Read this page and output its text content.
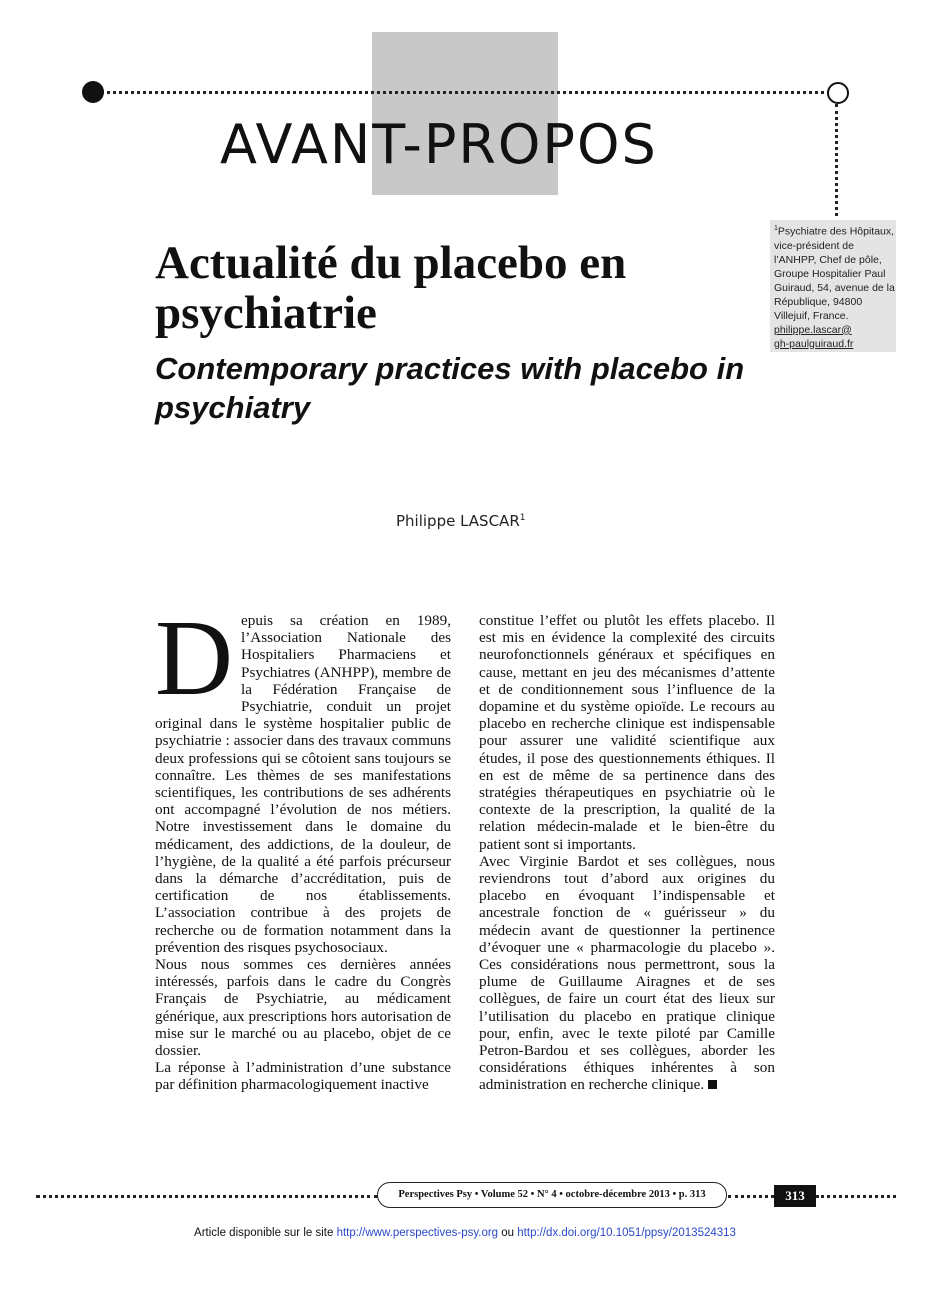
AVANT-PROPOS
$^1$Psychiatre des Hôpitaux, vice-président de l’ANHPP, Chef de pôle, Groupe Hospitalier Paul Guiraud, 54, avenue de la République, 94800 Villejuif, France.
philippe.lascar@
gh-paulguiraud.fr
Actualité du placebo en psychiatrie
Contemporary practices with placebo in psychiatry
Philippe LASCAR$^1$

Depuis sa création en 1989, l’Association Nationale des Hospitaliers Pharmaciens et Psychiatres (ANHPP), membre de la Fédération Française de Psychiatrie, conduit un projet original dans le système hospitalier public de psychiatrie : associer dans des travaux communs deux professions qui se côtoient sans toujours se connaître. Les thèmes de ses manifestations scientifiques, les contributions de ses adhérents ont accompagné l’évolution de nos métiers. Notre investissement dans le domaine du médicament, des addictions, de la douleur, de l’hygiène, de la qualité a été parfois précurseur dans la démarche d’accréditation, puis de certification de nos établissements. L’association contribue à des projets de recherche ou de formation notamment dans la prévention des risques psychosociaux.

Nous nous sommes ces dernières années intéressés, parfois dans le cadre du Congrès Français de Psychiatrie, au médicament générique, aux prescriptions hors autorisation de mise sur le marché ou au placebo, objet de ce dossier.

La réponse à l’administration d’une substance par définition pharmacologiquement inactive

constitue l’effet ou plutôt les effets placebo. Il est mis en évidence la complexité des circuits neurofonctionnels généraux et spécifiques en cause, mettant en jeu des mécanismes d’attente et de conditionnement sous l’influence de la dopamine et du système opioïde. Le recours au placebo en recherche clinique est indispensable pour assurer une validité scientifique aux études, il pose des questionnements éthiques. Il en est de même de sa pertinence dans des stratégies thérapeutiques en psychiatrie où le contexte de la prescription, la qualité de la relation médecin-malade et le bien-être du patient sont si importants.

Avec Virginie Bardot et ses collègues, nous reviendrons tout d’abord aux origines du placebo en évoquant l’indispensable et ancestrale fonction de « guérisseur » du médecin avant de questionner la pertinence d’évoquer une « pharmacologie du placebo ». Ces considérations nous permettront, sous la plume de Guillaume Airagnes et de ses collègues, de faire un court état des lieux sur l’utilisation du placebo en pratique clinique pour, enfin, avec le texte piloté par Camille Petron-Bardou et ses collègues, aborder les considérations éthiques inhérentes à son administration en recherche clinique.

Perspectives Psy • Volume 52 • N° 4 • octobre-décembre 2013 • p. 313	313
Article disponible sur le site http://www.perspectives-psy.org ou http://dx.doi.org/10.1051/ppsy/2013524313
